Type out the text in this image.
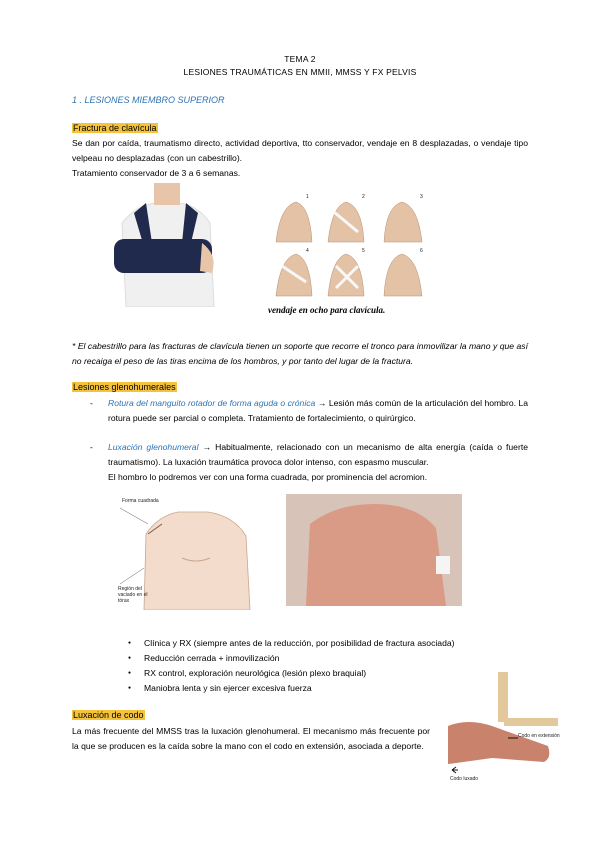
TEMA 2
LESIONES TRAUMÁTICAS EN MMII, MMSS Y FX PELVIS
1 . LESIONES MIEMBRO SUPERIOR
Fractura de clavícula
Se dan por caída, traumatismo directo, actividad deportiva, tto conservador, vendaje en 8 desplazadas, o vendaje tipo velpeau no desplazadas (con un cabestrillo).
Tratamiento conservador de 3 a 6 semanas.
1	2	3
4	5	6
vendaje en ocho para clavícula.
* El cabestrillo para las fracturas de clavícula tienen un soporte que recorre el tronco para inmovilizar la mano y que así no recaiga el peso de las tiras encima de los hombros, y por tanto del lugar de la fractura.
Lesiones glenohumerales
- Rotura del manguito rotador de forma aguda o crónica → Lesión más común de la articulación del hombro. La rotura puede ser parcial o completa. Tratamiento de fortalecimiento, o quirúrgico.
- Luxación glenohumeral → Habitualmente, relacionado con un mecanismo de alta energía (caída o fuerte traumatismo). La luxación traumática provoca dolor intenso, con espasmo muscular.
El hombro lo podremos ver con una forma cuadrada, por prominencia del acromion.
Forma cuadrada
Región del vaciado en el tórax
● Clínica y RX (siempre antes de la reducción, por posibilidad de fractura asociada)
● Reducción cerrada + inmovilización
● RX control, exploración neurológica (lesión plexo braquial)
● Maniobra lenta y sin ejercer excesiva fuerza
Luxación de codo
La más frecuente del MMSS tras la luxación glenohumeral. El mecanismo más frecuente por la que se producen es la caída sobre la mano con el codo en extensión, asociada a deporte.
Codo en extensión
Codo luxado
